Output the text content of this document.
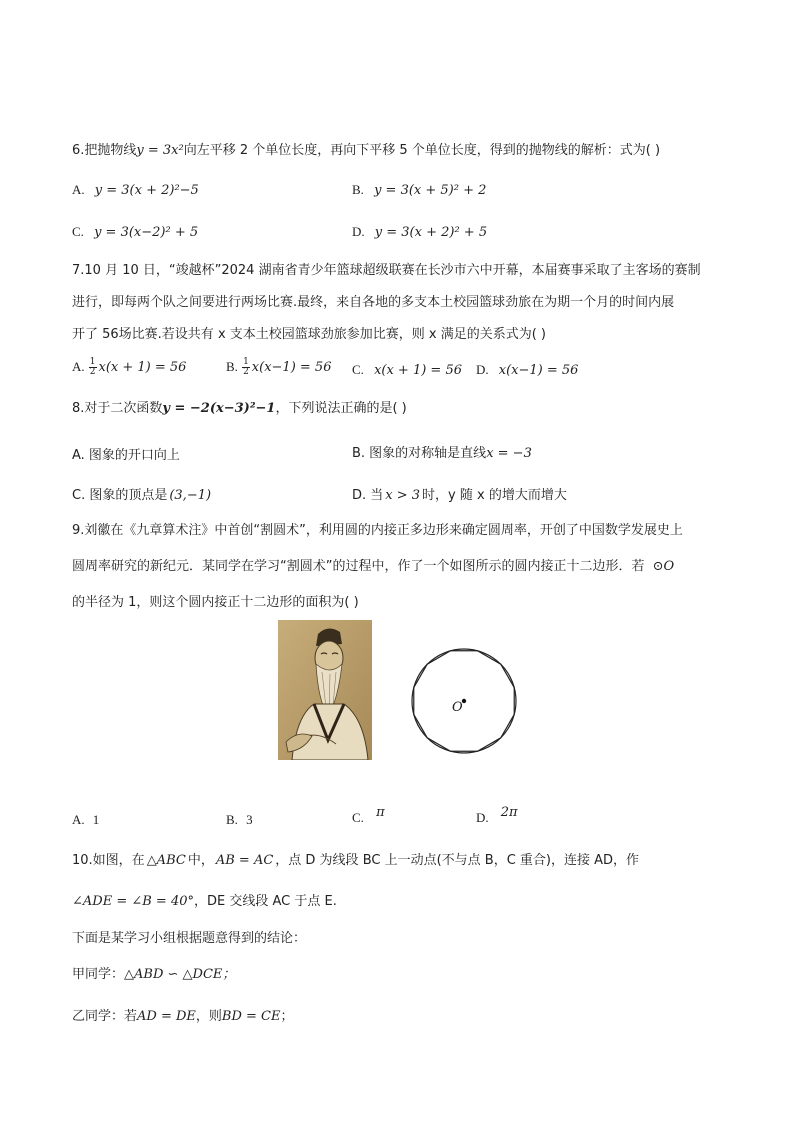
6.把抛物线y = 3x²向左平移 2 个单位长度，再向下平移 5 个单位长度，得到的抛物线的解析：式为( )
A. y = 3(x + 2)²−5	B. y = 3(x + 5)² + 2
C. y = 3(x−2)² + 5	D. y = 3(x + 2)² + 5
7.10 月 10 日，“竣越杯”2024 湖南省青少年篮球超级联赛在长沙市六中开幕，本届赛事采取了主客场的赛制
进行，即每两个队之间要进行两场比赛.最终，来自各地的多支本土校园篮球劲旅在为期一个月的时间内展
开了 56场比赛.若设共有 x 支本土校园篮球劲旅参加比赛，则 x 满足的关系式为( )
A. $\frac{1}{2} x(x + 1) = 56$	B. $\frac{1}{2} x(x-1) = 56$ C. x(x + 1) = 56 D. x(x−1) = 56
8.对于二次函数y = −2(x−3)²−1，下列说法正确的是( )
A. 图象的开口向上	B. 图象的对称轴是直线x = −3
C. 图象的顶点是 (3,−1)	D. 当 x > 3 时，y 随 x 的增大而增大
9.刘徽在《九章算术注》中首创“割圆术”，利用圆的内接正多边形来确定圆周率，开创了中国数学发展史上
圆周率研究的新纪元．某同学在学习“割圆术”的过程中，作了一个如图所示的圆内接正十二边形．若 ⊙O
的半径为 1，则这个圆内接正十二边形的面积为( )
O
A. 1	B. 3	C. π	D. 2π
10.如图，在 △ABC 中， AB = AC ，点 D 为线段 BC 上一动点(不与点 B，C 重合)，连接 AD，作
∠ADE = ∠B = 40°，DE 交线段 AC 于点 E.
下面是某学习小组根据题意得到的结论：
甲同学：△ABD ∽ △DCE；
乙同学：若AD = DE，则BD = CE；
